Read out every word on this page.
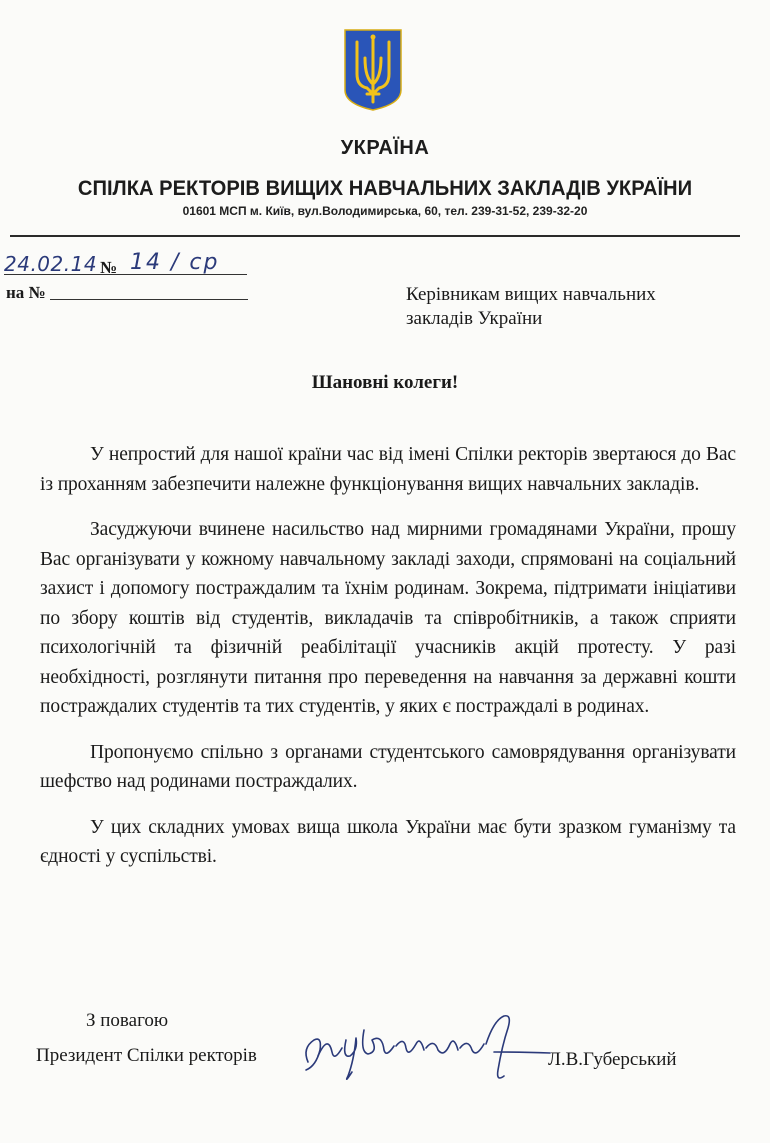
УКРАЇНА
СПІЛКА РЕКТОРІВ ВИЩИХ НАВЧАЛЬНИХ ЗАКЛАДІВ УКРАЇНИ
01601 МСП м. Київ, вул.Володимирська, 60, тел. 239-31-52, 239-32-20
24.02.14 № 14 / ср
на №	Керівникам вищих навчальних
закладів України
Шановні колеги!

У непростий для нашої країни час від імені Спілки ректорів звертаюся до Вас із проханням забезпечити належне функціонування вищих навчальних закладів.

Засуджуючи вчинене насильство над мирними громадянами України, прошу Вас організувати у кожному навчальному закладі заходи, спрямовані на соціальний захист і допомогу постраждалим та їхнім родинам. Зокрема, підтримати ініціативи по збору коштів від студентів, викладачів та співробітників, а також сприяти психологічній та фізичній реабілітації учасників акцій протесту. У разі необхідності, розглянути питання про переведення на навчання за державні кошти постраждалих студентів та тих студентів, у яких є постраждалі в родинах.

Пропонуємо спільно з органами студентського самоврядування організувати шефство над родинами постраждалих.

У цих складних умовах вища школа України має бути зразком гуманізму та єдності у суспільстві.

З повагою
Президент Спілки ректорів	Л.В.Губерський
